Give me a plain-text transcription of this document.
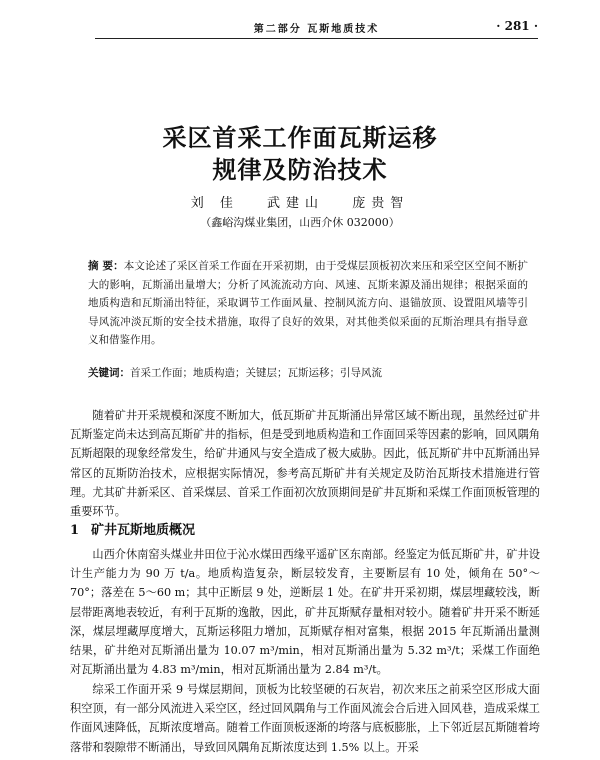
第二部分 瓦斯地质技术	· 281 ·
采区首采工作面瓦斯运移
规律及防治技术
刘 佳 武建山 庞贵智
（鑫峪沟煤业集团，山西介休 032000）
摘 要：本文论述了采区首采工作面在开采初期，由于受煤层顶板初次来压和采空区空间不断扩大的影响，瓦斯涌出量增大；分析了风流流动方向、风速、瓦斯来源及涌出规律；根据采面的地质构造和瓦斯涌出特征，采取调节工作面风量、控制风流方向、退锚放顶、设置阻风墙等引导风流冲淡瓦斯的安全技术措施，取得了良好的效果，对其他类似采面的瓦斯治理具有指导意义和借鉴作用。
关键词：首采工作面；地质构造；关键层；瓦斯运移；引导风流
随着矿井开采规模和深度不断加大，低瓦斯矿井瓦斯涌出异常区域不断出现，虽然经过矿井瓦斯鉴定尚未达到高瓦斯矿井的指标，但是受到地质构造和工作面回采等因素的影响，回风隅角瓦斯超限的现象经常发生，给矿井通风与安全造成了极大威胁。因此，低瓦斯矿井中瓦斯涌出异常区的瓦斯防治技术，应根据实际情况，参考高瓦斯矿井有关规定及防治瓦斯技术措施进行管理。尤其矿井新采区、首采煤层、首采工作面初次放顶期间是矿井瓦斯和采煤工作面顶板管理的重要环节。
1 矿井瓦斯地质概况
山西介休南窑头煤业井田位于沁水煤田西缘平遥矿区东南部。经鉴定为低瓦斯矿井，矿井设计生产能力为 90 万 t/a。地质构造复杂，断层较发育，主要断层有 10 处，倾角在 50°～70°；落差在 5～60 m；其中正断层 9 处，逆断层 1 处。在矿井开采初期，煤层埋藏较浅，断层带距离地表较近，有利于瓦斯的逸散，因此，矿井瓦斯赋存量相对较小。随着矿井开采不断延深，煤层埋藏厚度增大，瓦斯运移阻力增加，瓦斯赋存相对富集，根据 2015 年瓦斯涌出量测结果，矿井绝对瓦斯涌出量为 10.07 m³/min，相对瓦斯涌出量为 5.32 m³/t；采煤工作面绝对瓦斯涌出量为 4.83 m³/min，相对瓦斯涌出量为 2.84 m³/t。
综采工作面开采 9 号煤层期间，顶板为比较坚硬的石灰岩，初次来压之前采空区形成大面积空顶，有一部分风流进入采空区，经过回风隅角与工作面风流会合后进入回风巷，造成采煤工作面风速降低，瓦斯浓度增高。随着工作面顶板逐渐的垮落与底板膨胀，上下邻近层瓦斯随着垮落带和裂隙带不断涌出，导致回风隅角瓦斯浓度达到 1.5% 以上。开采
